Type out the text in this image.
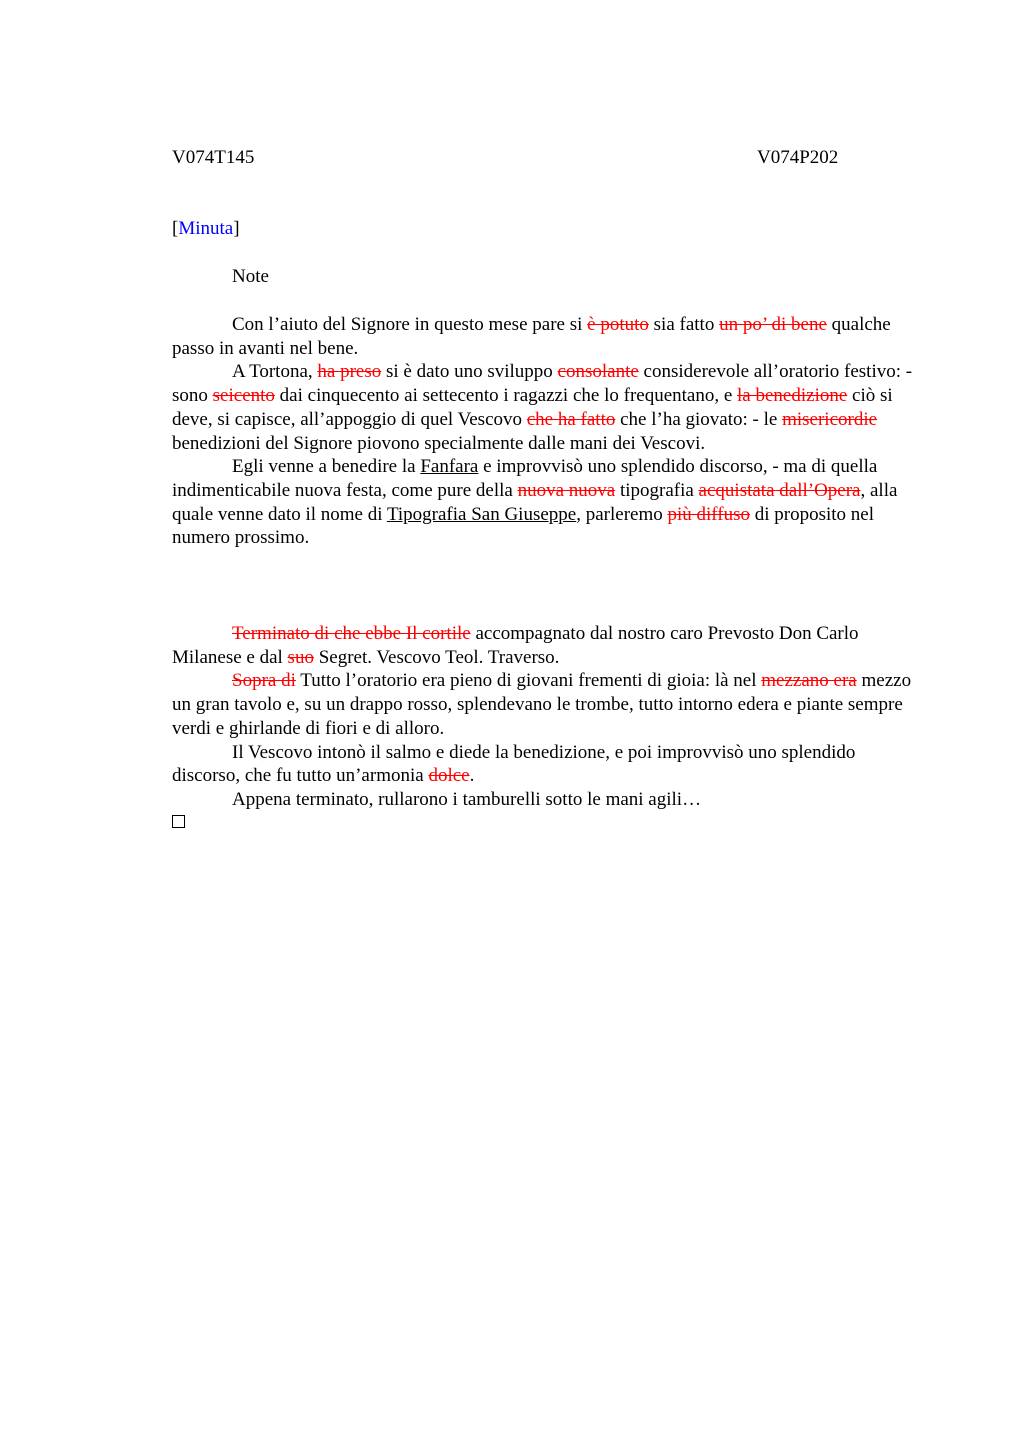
V074T145	V074P202
[Minuta]
Note

Con l’aiuto del Signore in questo mese pare si è potuto sia fatto un po’ di bene qualche passo in avanti nel bene.

A Tortona, ha preso si è dato uno sviluppo consolante considerevole all’oratorio festivo: - sono seicento dai cinquecento ai settecento i ragazzi che lo frequentano, e la benedizione ciò si deve, si capisce, all’appoggio di quel Vescovo che ha fatto che l’ha giovato: - le misericordie benedizioni del Signore piovono specialmente dalle mani dei Vescovi.

Egli venne a benedire la Fanfara e improvvisò uno splendido discorso, - ma di quella indimenticabile nuova festa, come pure della nuova nuova tipografia acquistata dall’Opera, alla quale venne dato il nome di Tipografia San Giuseppe, parleremo più diffuso di proposito nel numero prossimo.

Terminato di che ebbe Il cortile accompagnato dal nostro caro Prevosto Don Carlo Milanese e dal suo Segret. Vescovo Teol. Traverso.

Sopra di Tutto l’oratorio era pieno di giovani frementi di gioia: là nel mezzano era mezzo un gran tavolo e, su un drappo rosso, splendevano le trombe, tutto intorno edera e piante sempre verdi e ghirlande di fiori e di alloro.

Il Vescovo intonò il salmo e diede la benedizione, e poi improvvisò uno splendido discorso, che fu tutto un’armonia dolce.

Appena terminato, rullarono i tamburelli sotto le mani agili…
